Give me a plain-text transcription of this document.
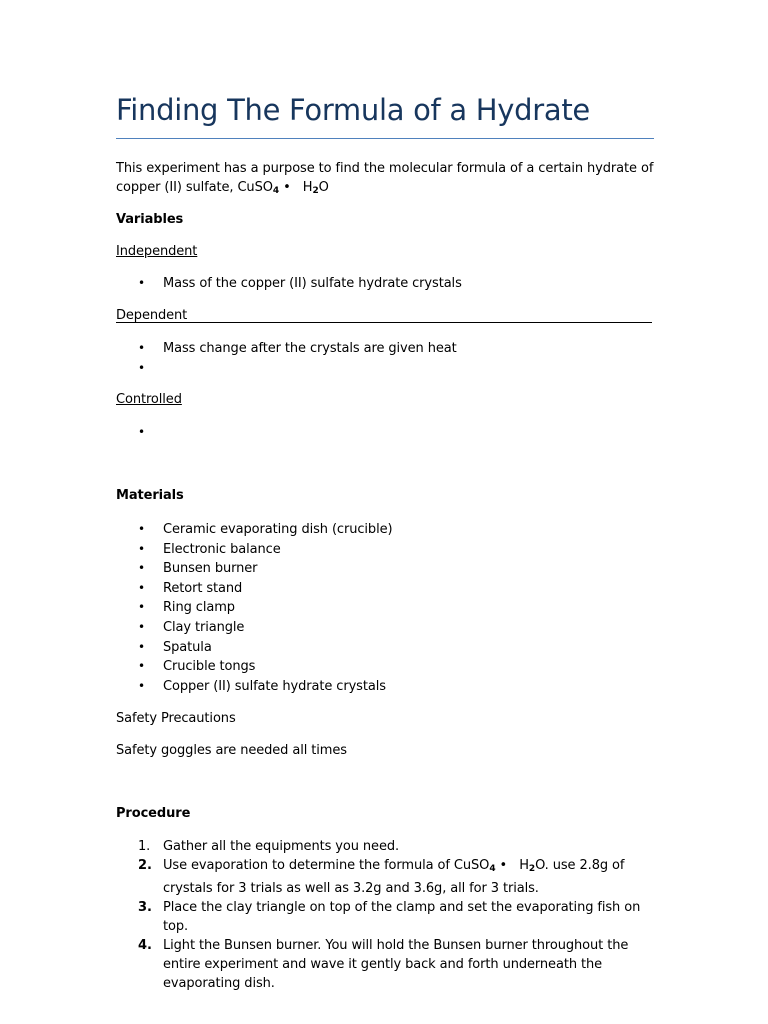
Finding The Formula of a Hydrate
This experiment has a purpose to find the molecular formula of a certain hydrate of
copper (II) sulfate, CuSO$_4$ • $H_2O$
Variables
Independent
• Mass of the copper (II) sulfate hydrate crystals
Dependent
• Mass change after the crystals are given heat
•
Controlled
•
Materials
• Ceramic evaporating dish (crucible)
• Electronic balance
• Bunsen burner
• Retort stand
• Ring clamp
• Clay triangle
• Spatula
• Crucible tongs
• Copper (II) sulfate hydrate crystals
Safety Precautions
Safety goggles are needed all times
Procedure
1. Gather all the equipments you need.
2. Use evaporation to determine the formula of CuSO$_4$ • $H_2O$. use 2.8g of crystals for 3 trials as well as 3.2g and 3.6g, all for 3 trials.
3. Place the clay triangle on top of the clamp and set the evaporating fish on top.
4. Light the Bunsen burner. You will hold the Bunsen burner throughout the entire experiment and wave it gently back and forth underneath the evaporating dish.
